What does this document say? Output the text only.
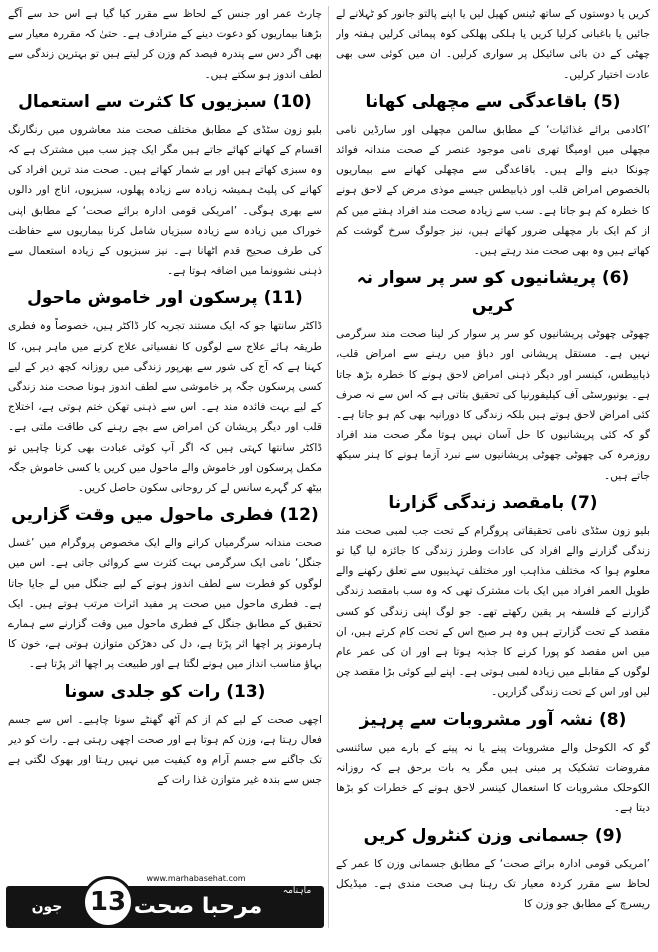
کریں یا دوستوں کے ساتھ ٹینس کھیل لیں یا اپنے پالتو جانور کو ٹہلانے لے جائیں یا باغبانی کرلیا کریں یا ہلکی پھلکی کوہ پیمائی کرلیں ہفتہ وار چھٹی کے دن بائی سائیکل پر سواری کرلیں۔ ان میں کوئی سی بھی عادت اختیار کرلیں۔

(5) باقاعدگی سے مچھلی کھانا

’اکادمی برائے غذائیات‘ کے مطابق سالمن مچھلی اور سارڈین نامی مچھلی میں اومیگا تھری نامی موجود عنصر کے صحت مندانہ فوائد چونکا دینے والے ہیں۔ باقاعدگی سے مچھلی کھانے سے بیماریوں بالخصوص امراض قلب اور ذیابیطس جیسے موذی مرض کے لاحق ہونے کا خطرہ کم ہو جاتا ہے۔ سب سے زیادہ صحت مند افراد ہفتے میں کم از کم ایک بار مچھلی ضرور کھاتے ہیں، نیز جولوگ سرخ گوشت کم کھاتے ہیں وہ بھی صحت مند رہتے ہیں۔

(6) پریشانیوں کو سر پر سوار نہ کریں

چھوٹی چھوٹی پریشانیوں کو سر پر سوار کر لینا صحت مند سرگرمی نہیں ہے۔ مستقل پریشانی اور دباؤ میں رہنے سے امراض قلب، ذیابیطس، کینسر اور دیگر ذہنی امراض لاحق ہونے کا خطرہ بڑھ جاتا ہے۔ یونیورسٹی آف کیلیفورنیا کی تحقیق بتاتی ہے کہ اس سے نہ صرف کئی امراض لاحق ہوتے ہیں بلکہ زندگی کا دورانیہ بھی کم ہو جاتا ہے۔ گو کہ کئی پریشانیوں کا حل آسان نہیں ہوتا مگر صحت مند افراد روزمرہ کی چھوٹی چھوٹی پریشانیوں سے نبرد آزما ہونے کا ہنر سیکھ جاتے ہیں۔

(7) بامقصد زندگی گزارنا

بلیو زون سٹڈی نامی تحقیقاتی پروگرام کے تحت جب لمبی صحت مند زندگی گزارنے والے افراد کی عادات وطرز زندگی کا جائزہ لیا گیا تو معلوم ہوا کہ مختلف مذاہب اور مختلف تہذیبوں سے تعلق رکھنے والے طویل العمر افراد میں ایک بات مشترک تھی کہ وہ سب بامقصد زندگی گزارنے کے فلسفہ پر یقین رکھتے تھے۔ جو لوگ اپنی زندگی کو کسی مقصد کے تحت گزارتے ہیں وہ ہر صبح اس کے تحت کام کرتے ہیں، ان میں اس مقصد کو پورا کرنے کا جذبہ ہوتا ہے اور ان کی عمر عام لوگوں کے مقابلے میں زیادہ لمبی ہوتی ہے۔ اپنے لیے کوئی بڑا مقصد چن لیں اور اس کے تحت زندگی گزاریں۔

(8) نشہ آور مشروبات سے پرہیز

گو کہ الکوحل والے مشروبات پینے یا نہ پینے کے بارے میں سائنسی مفروضات تشکیک پر مبنی ہیں مگر یہ بات برحق ہے کہ روزانہ الکوحلک مشروبات کا استعمال کینسر لاحق ہونے کے خطرات کو بڑھا دیتا ہے۔

(9) جسمانی وزن کنٹرول کریں

’امریکی قومی ادارہ برائے صحت‘ کے مطابق جسمانی وزن کا عمر کے لحاظ سے مقرر کردہ معیار تک رہنا ہی صحت مندی ہے۔ میڈیکل ریسرچ کے مطابق جو وزن کا

چارٹ عمر اور جنس کے لحاظ سے مقرر کیا گیا ہے اس حد سے آگے بڑھنا بیماریوں کو دعوت دینے کے مترادف ہے۔ حتیٰ کہ مقررہ معیار سے بھی اگر دس سے پندرہ فیصد کم وزن کر لیتے ہیں تو بہترین زندگی سے لطف اندوز ہو سکتے ہیں۔

(10) سبزیوں کا کثرت سے استعمال

بلیو زون سٹڈی کے مطابق مختلف صحت مند معاشروں میں رنگارنگ اقسام کے کھانے کھائے جاتے ہیں مگر ایک چیز سب میں مشترک ہے کہ وہ سبزی کھاتے ہیں اور بے شمار کھاتے ہیں۔ صحت مند ترین افراد کی کھانے کی پلیٹ ہمیشہ زیادہ سے زیادہ پھلوں، سبزیوں، اناج اور دالوں سے بھری ہوگی۔ ’امریکی قومی ادارہ برائے صحت‘ کے مطابق اپنی خوراک میں زیادہ سے زیادہ سبزیاں شامل کرنا بیماریوں سے حفاظت کی طرف صحیح قدم اٹھانا ہے۔ نیز سبزیوں کے زیادہ استعمال سے ذہنی نشوونما میں اضافہ ہوتا ہے۔

(11) پرسکون اور خاموش ماحول

ڈاکٹر سانتھا جو کہ ایک مستند تجربہ کار ڈاکٹر ہیں، خصوصاً وہ فطری طریقہ ہائے علاج سے لوگوں کا نفسیاتی علاج کرنے میں ماہر ہیں، کا کہنا ہے کہ آج کی شور سے بھرپور زندگی میں روزانہ کچھ دیر کے لیے کسی پرسکون جگہ پر خاموشی سے لطف اندوز ہونا صحت مند زندگی کے لیے بہت فائدہ مند ہے۔ اس سے ذہنی تھکن ختم ہوتی ہے، اختلاج قلب اور دیگر پریشان کن امراض سے بچے رہنے کی طاقت ملتی ہے۔ ڈاکٹر سانتھا کہتی ہیں کہ اگر آپ کوئی عبادت بھی کرنا چاہیں تو مکمل پرسکون اور خاموش والے ماحول میں کریں یا کسی خاموش جگہ بیٹھ کر گہرے سانس لے کر روحانی سکون حاصل کریں۔

(12) فطری ماحول میں وقت گزاریں

صحت مندانہ سرگرمیاں کرانے والے ایک مخصوص پروگرام میں ’غسل جنگل‘ نامی ایک سرگرمی بہت کثرت سے کروائی جاتی ہے۔ اس میں لوگوں کو فطرت سے لطف اندوز ہونے کے لیے جنگل میں لے جایا جاتا ہے۔ فطری ماحول میں صحت پر مفید اثرات مرتب ہوتے ہیں۔ ایک تحقیق کے مطابق جنگل کے فطری ماحول میں وقت گزارنے سے ہمارے ہارمونز پر اچھا اثر پڑتا ہے، دل کی دھڑکن متوازن ہوتی ہے، خون کا بہاؤ مناسب انداز میں ہونے لگتا ہے اور طبیعت پر اچھا اثر پڑتا ہے۔

(13) رات کو جلدی سونا

اچھی صحت کے لیے کم از کم آٹھ گھنٹے سونا چاہیے۔ اس سے جسم فعال رہتا ہے، وزن کم ہوتا ہے اور صحت اچھی رہتی ہے۔ رات کو دیر تک جاگنے سے جسم آرام وہ کیفیت میں نہیں رہتا اور بھوک لگتی ہے جس سے بندہ غیر متوازن غذا رات کے

www.marhabasehat.com
ماہنامہ
مرحبا صحت
جون 2023ء
13
